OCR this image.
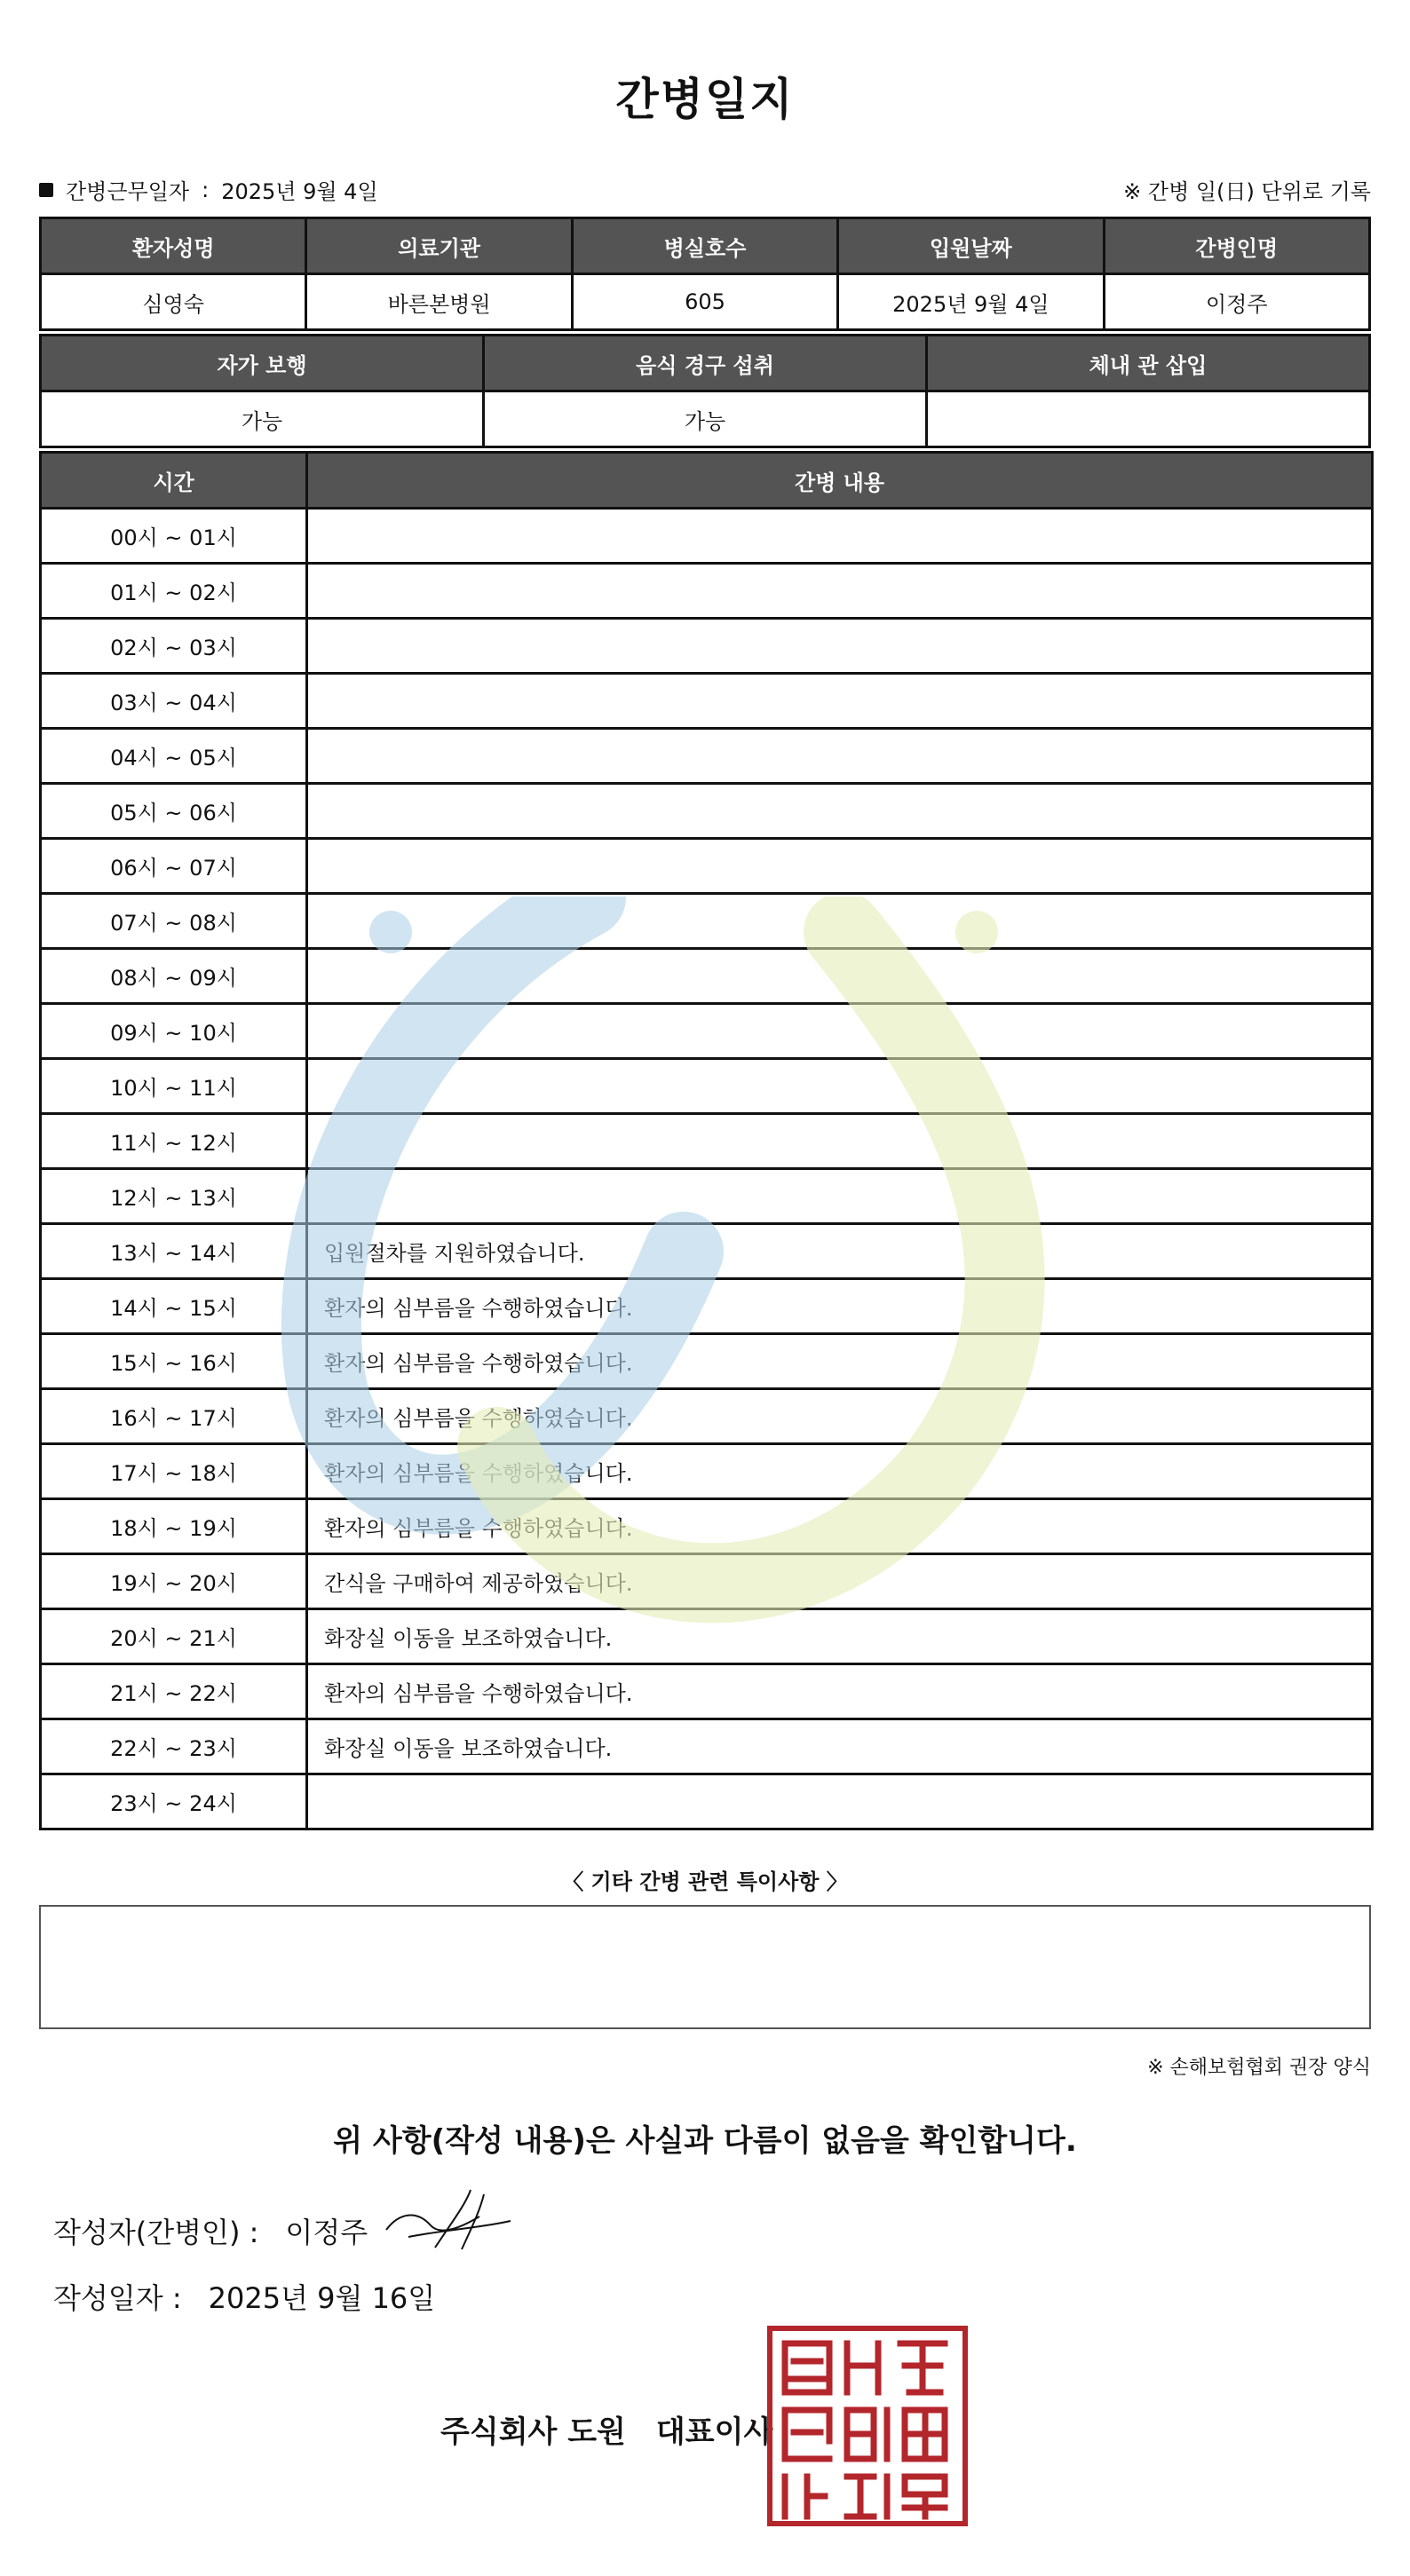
간병일지
간병근무일자 : 2025년 9월 4일	※ 간병 일(日) 단위로 기록
환자성명	의료기관	병실호수	입원날짜	간병인명
심영숙	바른본병원	605	2025년 9월 4일	이정주
자가 보행	음식 경구 섭취	체내 관 삽입
가능	가능	
시간	간병 내용
00시 ~ 01시	
01시 ~ 02시	
02시 ~ 03시	
03시 ~ 04시	
04시 ~ 05시	
05시 ~ 06시	
06시 ~ 07시	
07시 ~ 08시	
08시 ~ 09시	
09시 ~ 10시	
10시 ~ 11시	
11시 ~ 12시	
12시 ~ 13시	
13시 ~ 14시	입원절차를 지원하였습니다.
14시 ~ 15시	환자의 심부름을 수행하였습니다.
15시 ~ 16시	환자의 심부름을 수행하였습니다.
16시 ~ 17시	환자의 심부름을 수행하였습니다.
17시 ~ 18시	환자의 심부름을 수행하였습니다.
18시 ~ 19시	환자의 심부름을 수행하였습니다.
19시 ~ 20시	간식을 구매하여 제공하였습니다.
20시 ~ 21시	화장실 이동을 보조하였습니다.
21시 ~ 22시	환자의 심부름을 수행하였습니다.
22시 ~ 23시	화장실 이동을 보조하였습니다.
23시 ~ 24시	
〈 기타 간병 관련 특이사항 〉
※ 손해보험협회 권장 양식
위 사항(작성 내용)은 사실과 다름이 없음을 확인합니다.
작성자(간병인) : 이정주
작성일자 : 2025년 9월 16일
주식회사 도원 대표이사
